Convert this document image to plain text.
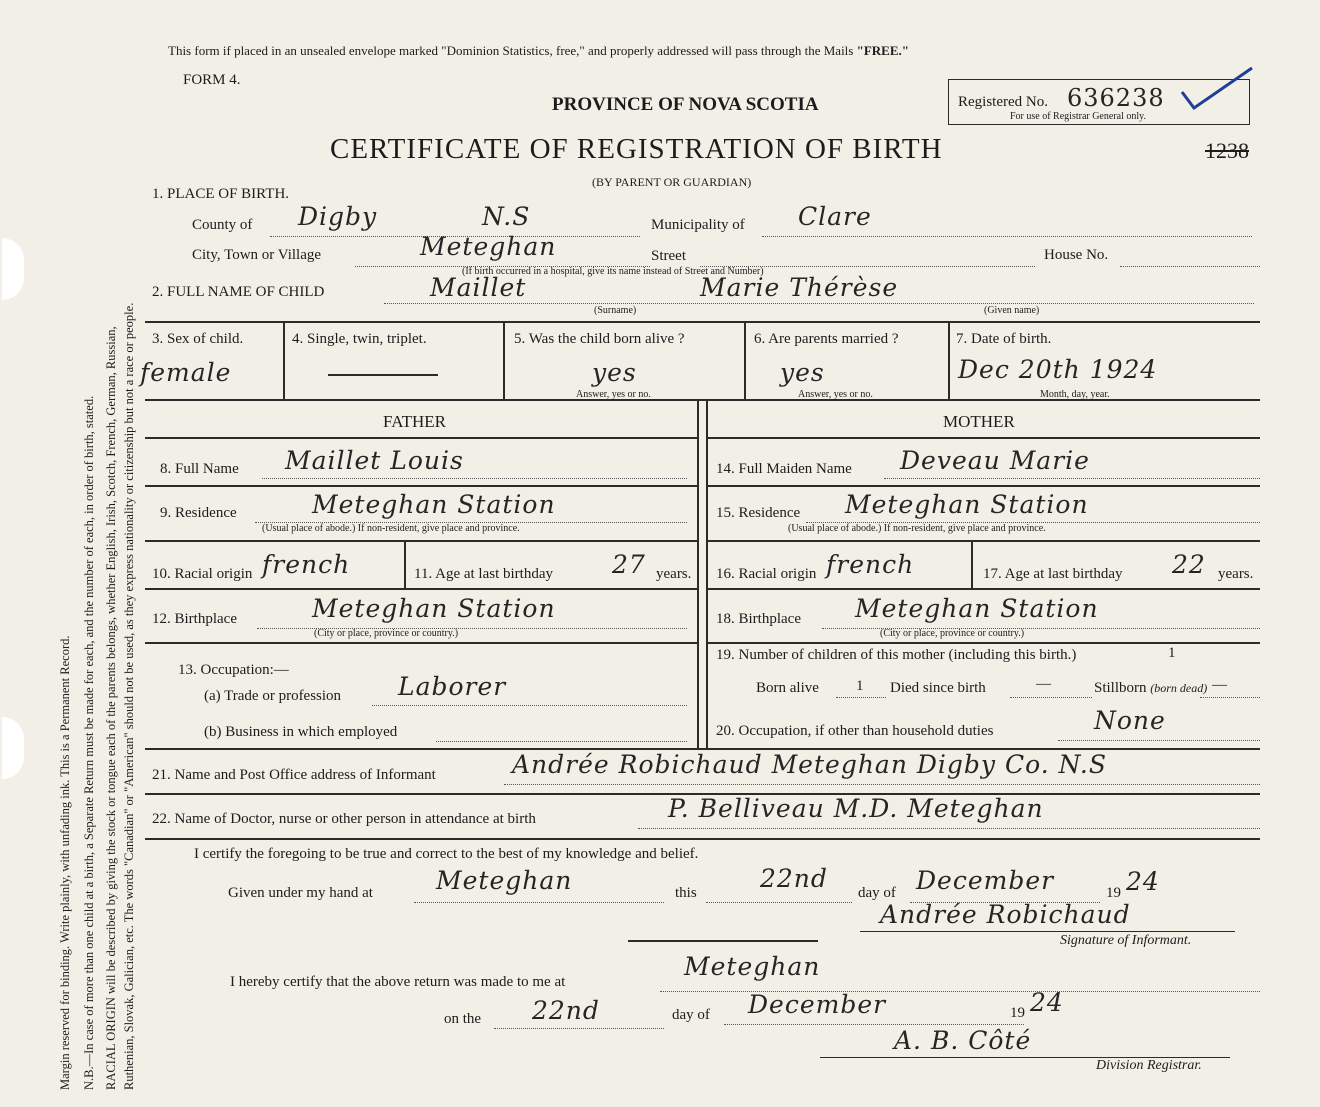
Margin reserved for binding. Write plainly, with unfading ink. This is a Permanent Record. N.B.—In case of more than one child at a birth, a Separate Return must be made for each, and the number of each, in order of birth, stated. RACIAL ORIGIN will be described by giving the stock or tongue each of the parents belongs, whether English, Irish, Scotch, French, German, Russian, Ruthenian, Slovak, Galician, etc. The words "Canadian" or "American" should not be used, as they express nationality or citizenship but not a race or people.
This form if placed in an unsealed envelope marked "Dominion Statistics, free," and properly addressed will pass through the Mails "FREE."
FORM 4.
PROVINCE OF NOVA SCOTIA
CERTIFICATE OF REGISTRATION OF BIRTH
(BY PARENT OR GUARDIAN)
Registered No. 636238
For use of Registrar General only.
1238
1. PLACE OF BIRTH.
County of Digby	N.S	Municipality of Clare
City, Town or Village	Meteghan	Street	House No.
(If birth occurred in a hospital, give its name instead of Street and Number)
2. FULL NAME OF CHILD	Maillet	Marie Thérèse
(Surname)	(Given name)
3. Sex of child.
female
4. Single, twin, triplet.	5. Was the child born alive ?
yes
Answer, yes or no.
6. Are parents married ?
yes
Answer, yes or no.
7. Date of birth.
Dec 20th 1924
Month, day, year.
FATHER	MOTHER
8. Full Name Maillet Louis
9. Residence	Meteghan Station
(Usual place of abode.) If non-resident, give place and province.
10. Racial origin french	11. Age at last birthday 27 years.
12. Birthplace	Meteghan Station
(City or place, province or country.)
13. Occupation:—
(a) Trade or profession Laborer
(b) Business in which employed
14. Full Maiden Name Deveau Marie
15. Residence Meteghan Station
(Usual place of abode.) If non-resident, give place and province.
16. Racial origin french	17. Age at last birthday 22 years.
18. Birthplace Meteghan Station
(City or place, province or country.)
19. Number of children of this mother (including this birth.)	1
Born alive 1 Died since birth	—	Stillborn (born dead) —
20. Occupation, if other than household duties	None
21. Name and Post Office address of Informant	Andrée Robichaud Meteghan Digby Co. N.S
22. Name of Doctor, nurse or other person in attendance at birth	P. Belliveau M.D. Meteghan
I certify the foregoing to be true and correct to the best of my knowledge and belief.
Given under my hand at	Meteghan	this	22nd day of December	19 24
Andrée Robichaud
Signature of Informant.
I hereby certify that the above return was made to me at
Meteghan
on the 22nd	day of December	19 24
A. B. Côté
Division Registrar.
